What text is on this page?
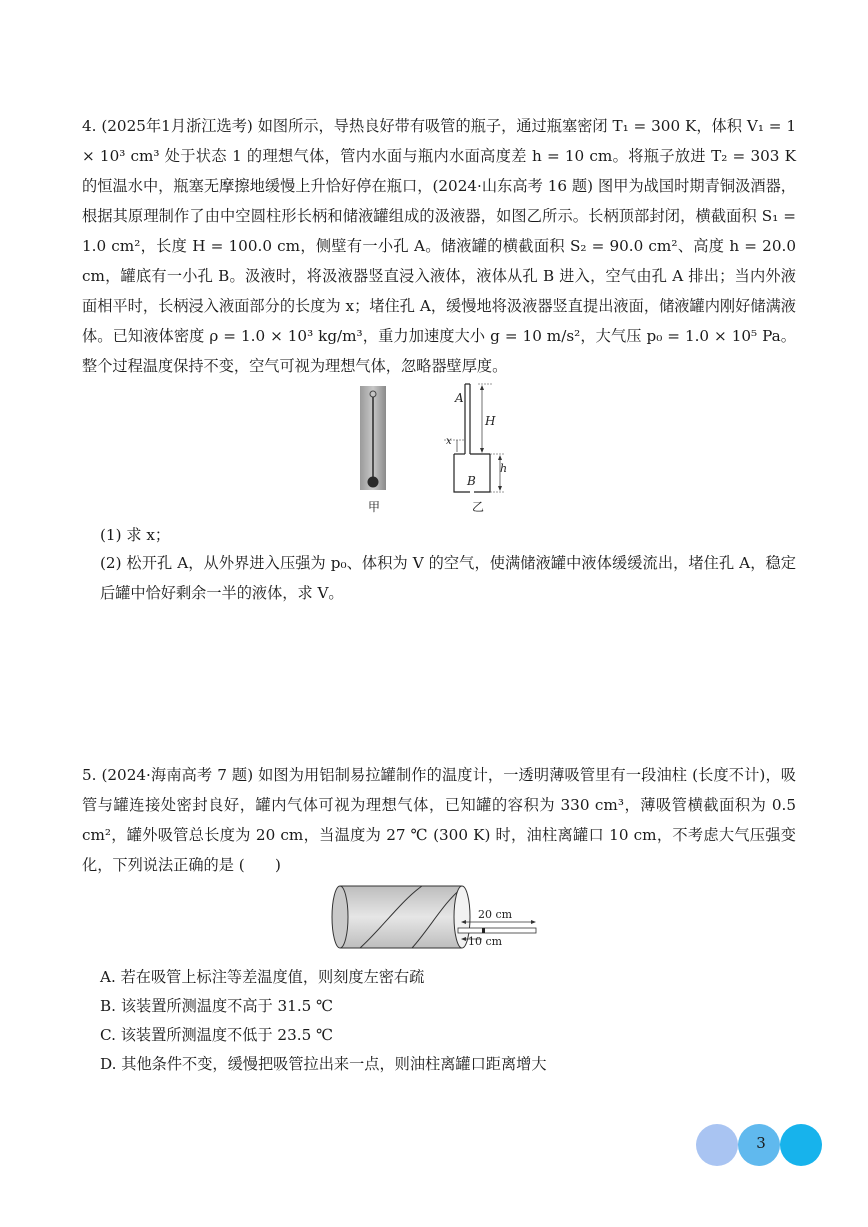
4. (2025年1月浙江选考) 如图所示，导热良好带有吸管的瓶子，通过瓶塞密闭 T₁ = 300 K，体积 V₁ = 1 × 10³ cm³ 处于状态 1 的理想气体，管内水面与瓶内水面高度差 h = 10 cm。将瓶子放进 T₂ = 303 K 的恒温水中，瓶塞无摩擦地缓慢上升恰好停在瓶口，(2024·山东高考 16 题) 图甲为战国时期青铜汲酒器，根据其原理制作了由中空圆柱形长柄和储液罐组成的汲液器，如图乙所示。长柄顶部封闭，横截面积 S₁ = 1.0 cm²，长度 H = 100.0 cm，侧壁有一小孔 A。储液罐的横截面积 S₂ = 90.0 cm²、高度 h = 20.0 cm，罐底有一小孔 B。汲液时，将汲液器竖直浸入液体，液体从孔 B 进入，空气由孔 A 排出；当内外液面相平时，长柄浸入液面部分的长度为 x；堵住孔 A，缓慢地将汲液器竖直提出液面，储液罐内刚好储满液体。已知液体密度 ρ = 1.0 × 10³ kg/m³，重力加速度大小 g = 10 m/s²，大气压 p₀ = 1.0 × 10⁵ Pa。整个过程温度保持不变，空气可视为理想气体，忽略器壁厚度。

甲
A
H
x
h
B
乙
(1) 求 x；
(2) 松开孔 A，从外界进入压强为 p₀、体积为 V 的空气，使满储液罐中液体缓缓流出，堵住孔 A，稳定后罐中恰好剩余一半的液体，求 V。

5. (2024·海南高考 7 题) 如图为用铝制易拉罐制作的温度计，一透明薄吸管里有一段油柱 (长度不计)，吸管与罐连接处密封良好，罐内气体可视为理想气体，已知罐的容积为 330 cm³，薄吸管横截面积为 0.5 cm²，罐外吸管总长度为 20 cm，当温度为 27 ℃ (300 K) 时，油柱离罐口 10 cm，不考虑大气压强变化，下列说法正确的是 (　　)

20 cm
10 cm
A. 若在吸管上标注等差温度值，则刻度左密右疏
B. 该装置所测温度不高于 31.5 ℃
C. 该装置所测温度不低于 23.5 ℃
D. 其他条件不变，缓慢把吸管拉出来一点，则油柱离罐口距离增大
3
